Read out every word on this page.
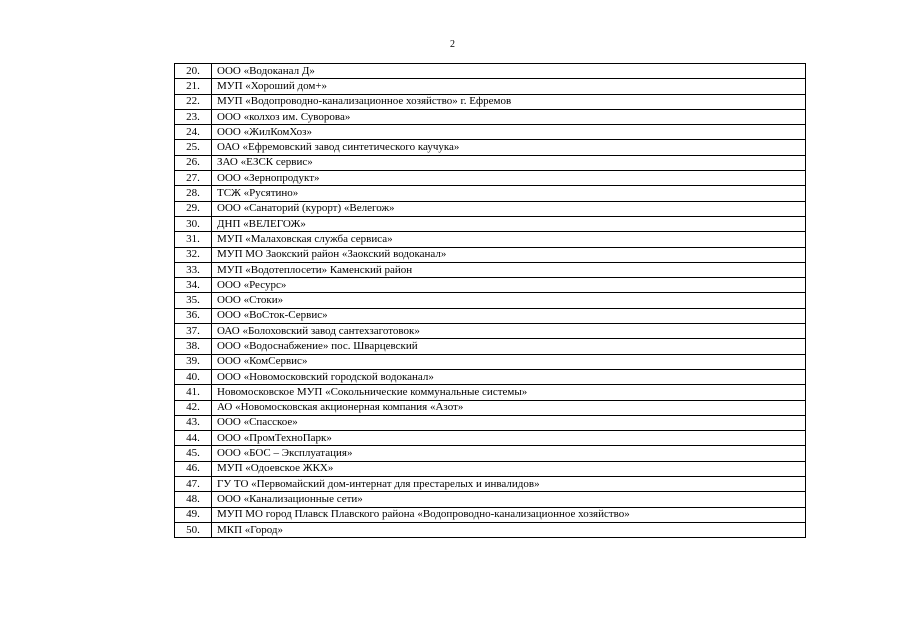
2
20.	ООО «Водоканал Д»
21.	МУП «Хороший дом+»
22.	МУП «Водопроводно-канализационное хозяйство» г. Ефремов
23.	ООО «колхоз им. Суворова»
24.	ООО «ЖилКомХоз»
25.	ОАО «Ефремовский завод синтетического каучука»
26.	ЗАО «ЕЗСК сервис»
27.	ООО «Зернопродукт»
28.	ТСЖ «Русятино»
29.	ООО «Санаторий (курорт) «Велегож»
30.	ДНП «ВЕЛЕГОЖ»
31.	МУП «Малаховская служба сервиса»
32.	МУП МО Заокский район «Заокский водоканал»
33.	МУП «Водотеплосети» Каменский район
34.	ООО «Ресурс»
35.	ООО «Стоки»
36.	ООО «ВоСток-Сервис»
37.	ОАО «Болоховский завод сантехзаготовок»
38.	ООО «Водоснабжение» пос. Шварцевский
39.	ООО «КомСервис»
40.	ООО «Новомосковский городской водоканал»
41.	Новомосковское МУП «Сокольнические коммунальные системы»
42.	АО «Новомосковская акционерная компания «Азот»
43.	ООО «Спасское»
44.	ООО «ПромТехноПарк»
45.	ООО «БОС – Эксплуатация»
46.	МУП «Одоевское ЖКХ»
47.	ГУ ТО «Первомайский дом-интернат для престарелых и инвалидов»
48.	ООО «Канализационные сети»
49.	МУП МО город Плавск Плавского района «Водопроводно-канализационное хозяйство»
50.	МКП «Город»
